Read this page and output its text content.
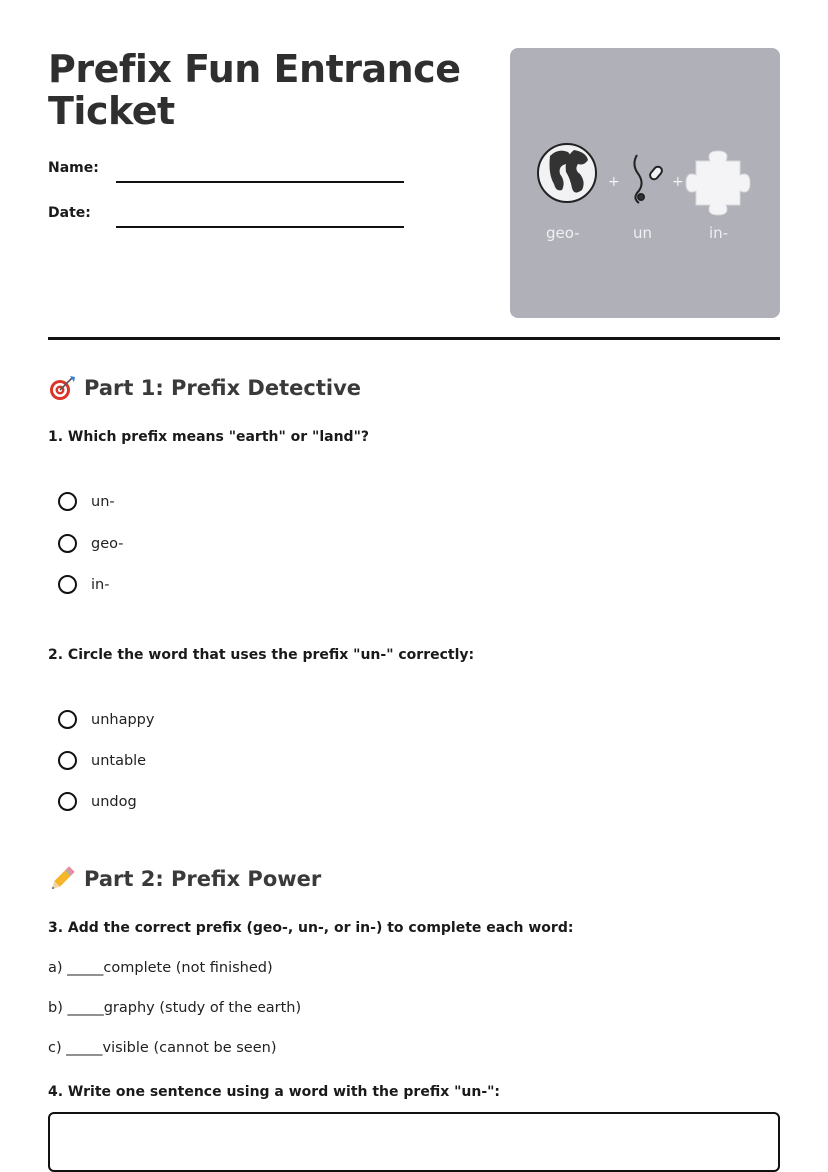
Prefix Fun Entrance Ticket
Name:
Date:
+	+
geo-	un	in-
Part 1: Prefix Detective
1. Which prefix means "earth" or "land"?
un-
geo-
in-
2. Circle the word that uses the prefix "un-" correctly:
unhappy
untable
undog
Part 2: Prefix Power
3. Add the correct prefix (geo-, un-, or in-) to complete each word:
a) _____complete (not finished)
b) _____graphy (study of the earth)
c) _____visible (cannot be seen)
4. Write one sentence using a word with the prefix "un-":
